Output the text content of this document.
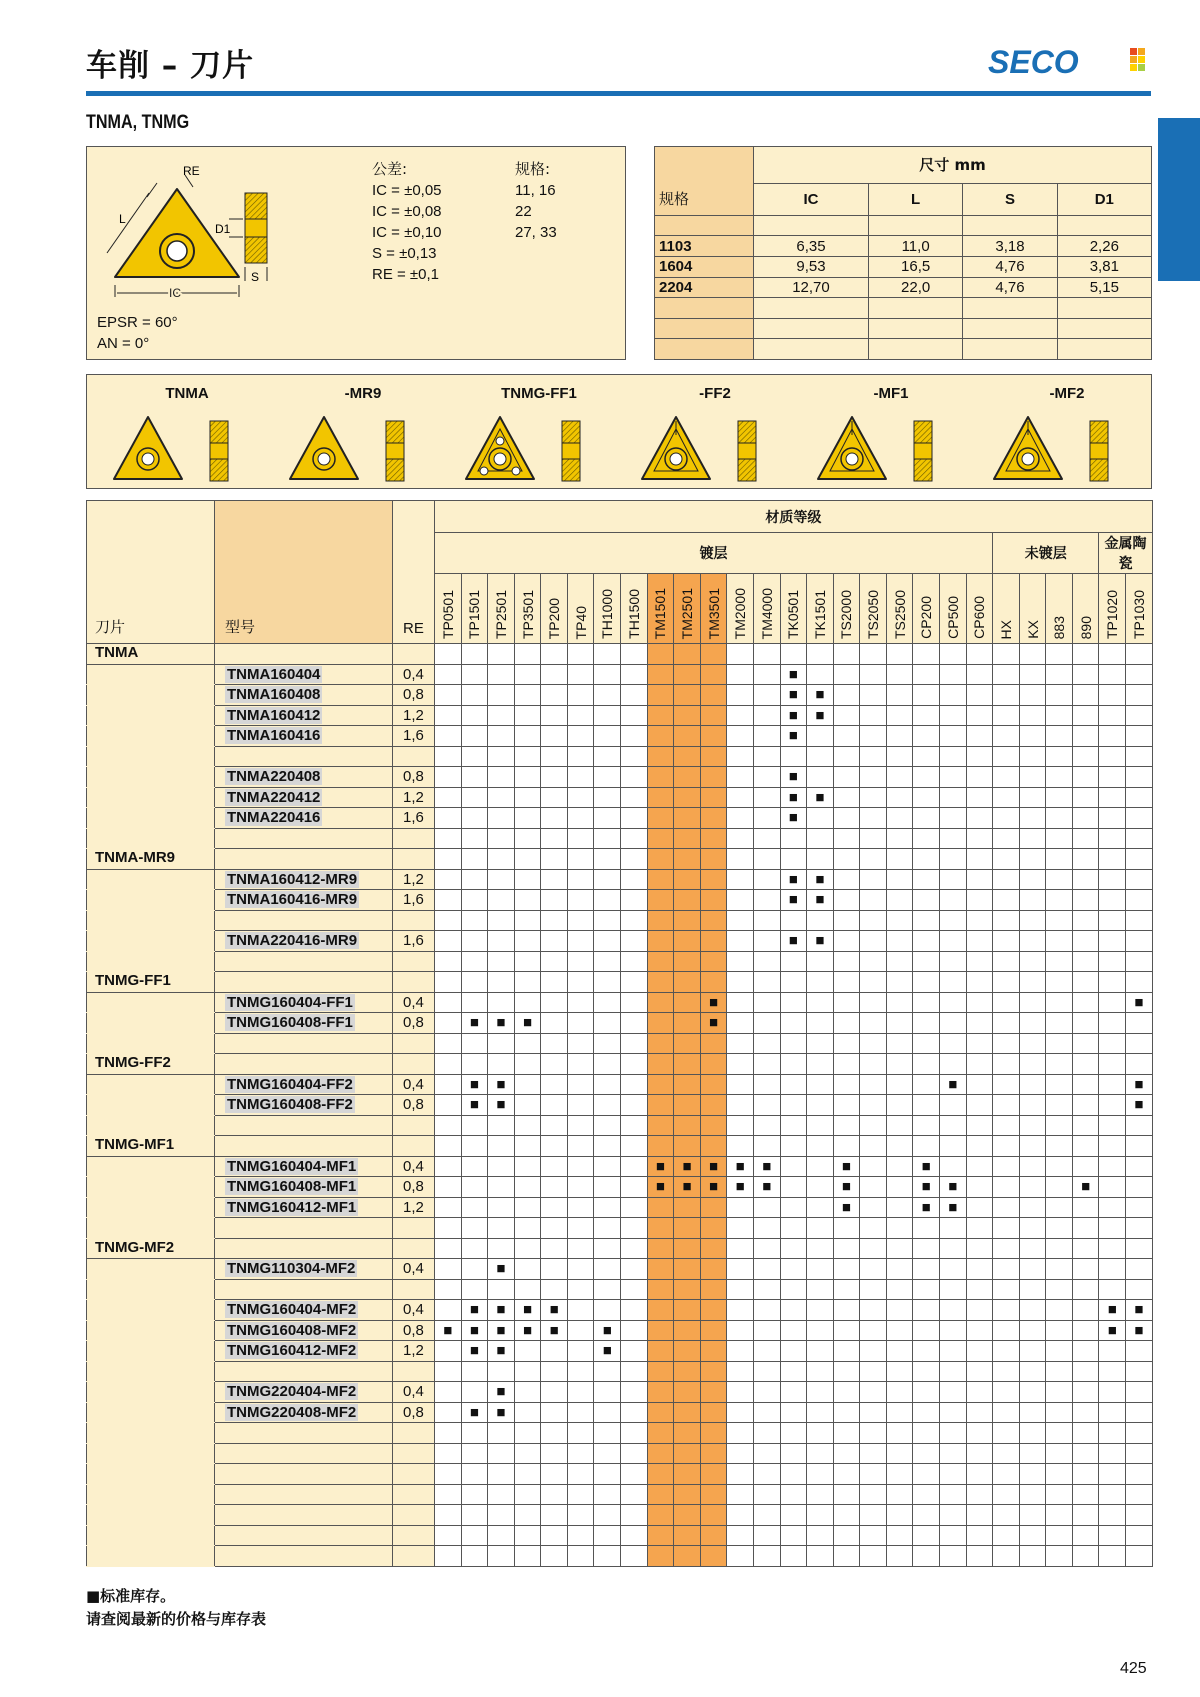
车削 – 刀片	SECO
TNMA, TNMG
RE
L
IC
D1
S
EPSR = 60°
AN = 0°
公差:
IC = ±0,05
IC = ±0,08
IC = ±0,10
S = ±0,13
RE = ±0,1
规格:
11, 16
22
27, 33
规格	尺寸 mm			
	IC	L	S	D1

1103	6,35	11,0	3,18	2,26
1604	9,53	16,5	4,76	3,81
2204	12,70	22,0	4,76	5,15

TNMA	-MR9	TNMG-FF1	-FF2	-MF1	-MF2
刀片	型号	RE	材质等级																										
			镀层																					未镀层				金属陶瓷	

			TP0501	TP1501	TP2501	TP3501	TP200	TP40	TH1000	TH1500	TM1501	TM2501	TM3501	TM2000	TM4000	TK0501	TK1501	TS2000	TS2050	TS2500	CP200	CP500	CP600	HX	KX	883	890	TP1020	TP1030

TNMA																													
	TNMA160404	0,4														■													
	TNMA160408	0,8														■	■												
	TNMA160412	1,2														■	■												
	TNMA160416	1,6														■													

	TNMA220408	0,8														■													
	TNMA220412	1,2														■	■												
	TNMA220416	1,6														■													

TNMA-MR9																													
	TNMA160412-MR9	1,2														■	■												
	TNMA160416-MR9	1,6														■	■												

	TNMA220416-MR9	1,6														■	■												

TNMG-FF1																													
	TNMG160404-FF1	0,4											■																■
	TNMG160408-FF1	0,8		■	■	■							■																

TNMG-FF2																													
	TNMG160404-FF2	0,4		■	■																	■							■
	TNMG160408-FF2	0,8		■	■																								■

TNMG-MF1																													
	TNMG160404-MF1	0,4									■	■	■	■	■			■			■								
	TNMG160408-MF1	0,8									■	■	■	■	■			■			■	■					■		
	TNMG160412-MF1	1,2																■			■	■							

TNMG-MF2																													
	TNMG110304-MF2	0,4			■																								

	TNMG160404-MF2	0,4		■	■	■	■																					■	■
	TNMG160408-MF2	0,8	■	■	■	■	■		■																			■	■
	TNMG160412-MF2	1,2		■	■				■																				

	TNMG220404-MF2	0,4			■																								
	TNMG220408-MF2	0,8		■	■																								

■标准库存。
请查阅最新的价格与库存表
425
